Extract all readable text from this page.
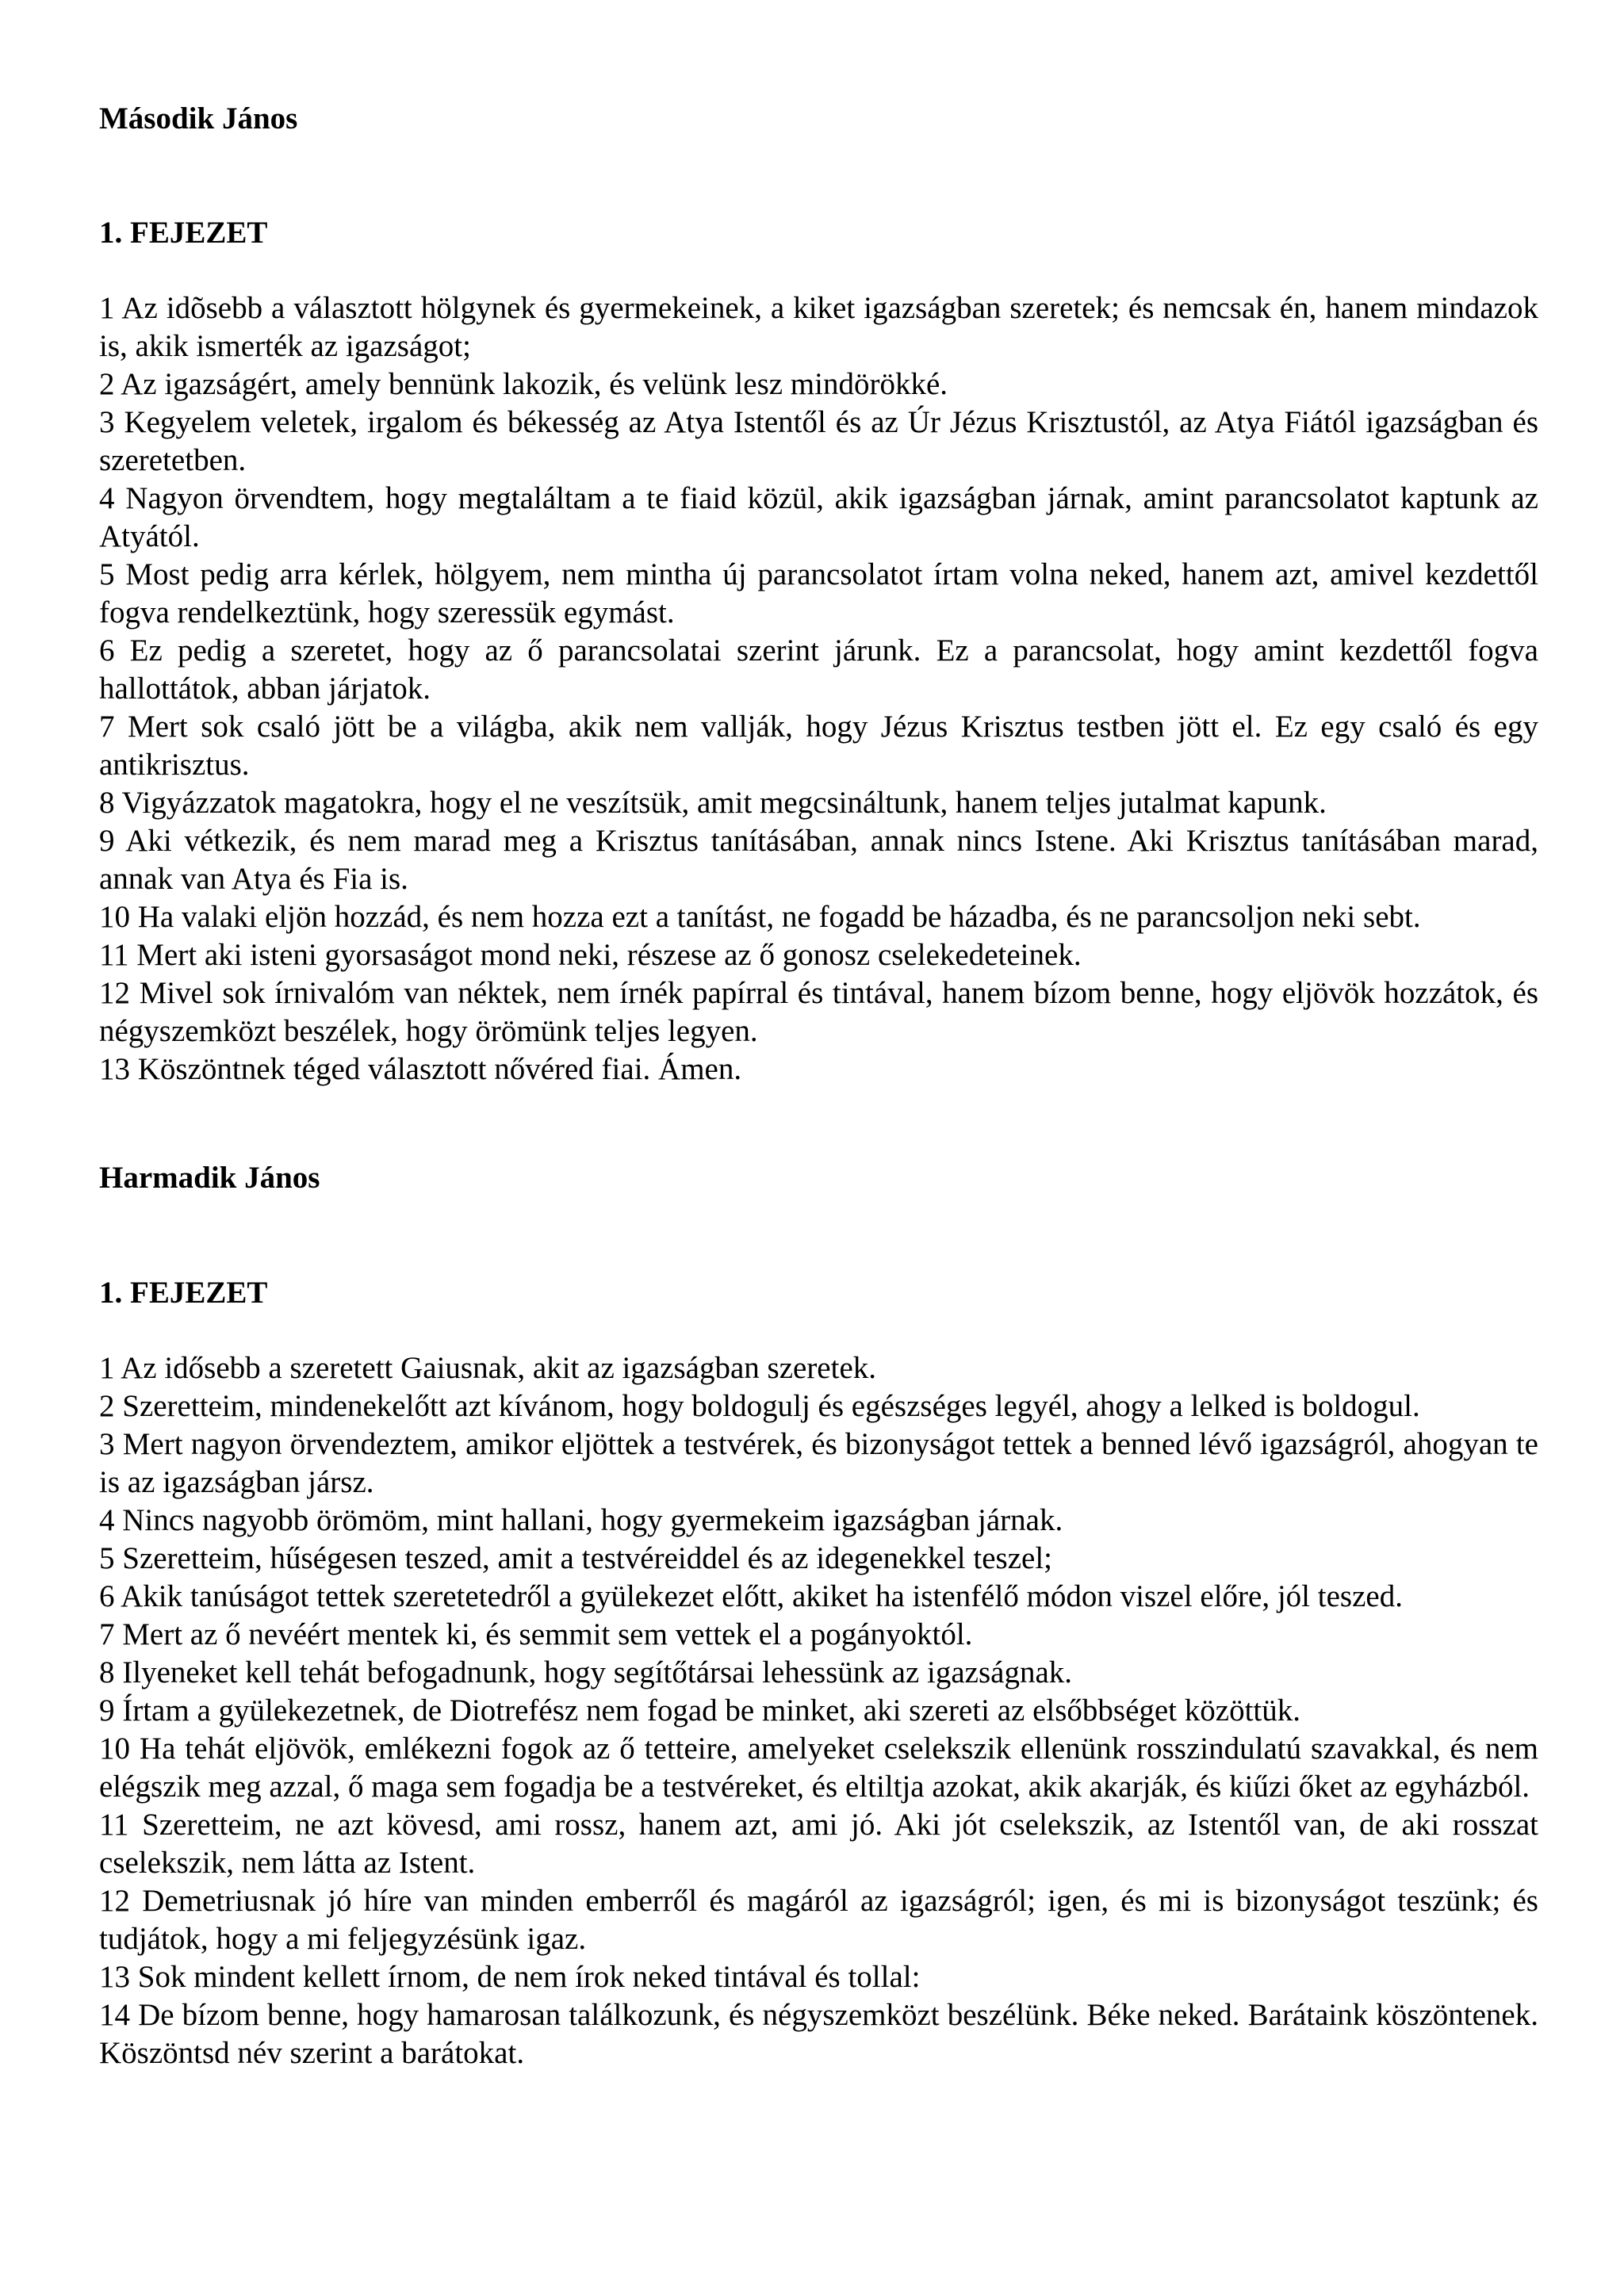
Második János
1. FEJEZET

1 Az idõsebb a választott hölgynek és gyermekeinek, a kiket igazságban szeretek; és nemcsak én, hanem mindazok is, akik ismerték az igazságot;

2 Az igazságért, amely bennünk lakozik, és velünk lesz mindörökké.

3 Kegyelem veletek, irgalom és békesség az Atya Istentől és az Úr Jézus Krisztustól, az Atya Fiától igazságban és szeretetben.

4 Nagyon örvendtem, hogy megtaláltam a te fiaid közül, akik igazságban járnak, amint parancsolatot kaptunk az Atyától.

5 Most pedig arra kérlek, hölgyem, nem mintha új parancsolatot írtam volna neked, hanem azt, amivel kezdettől fogva rendelkeztünk, hogy szeressük egymást.

6 Ez pedig a szeretet, hogy az ő parancsolatai szerint járunk. Ez a parancsolat, hogy amint kezdettől fogva hallottátok, abban járjatok.

7 Mert sok csaló jött be a világba, akik nem vallják, hogy Jézus Krisztus testben jött el. Ez egy csaló és egy antikrisztus.

8 Vigyázzatok magatokra, hogy el ne veszítsük, amit megcsináltunk, hanem teljes jutalmat kapunk.

9 Aki vétkezik, és nem marad meg a Krisztus tanításában, annak nincs Istene. Aki Krisztus tanításában marad, annak van Atya és Fia is.

10 Ha valaki eljön hozzád, és nem hozza ezt a tanítást, ne fogadd be házadba, és ne parancsoljon neki sebt.

11 Mert aki isteni gyorsaságot mond neki, részese az ő gonosz cselekedeteinek.

12 Mivel sok írnivalóm van néktek, nem írnék papírral és tintával, hanem bízom benne, hogy eljövök hozzátok, és négyszemközt beszélek, hogy örömünk teljes legyen.

13 Köszöntnek téged választott nővéred fiai. Ámen.

Harmadik János
1. FEJEZET

1 Az idősebb a szeretett Gaiusnak, akit az igazságban szeretek.

2 Szeretteim, mindenekelőtt azt kívánom, hogy boldogulj és egészséges legyél, ahogy a lelked is boldogul.

3 Mert nagyon örvendeztem, amikor eljöttek a testvérek, és bizonyságot tettek a benned lévő igazságról, ahogyan te is az igazságban jársz.

4 Nincs nagyobb örömöm, mint hallani, hogy gyermekeim igazságban járnak.

5 Szeretteim, hűségesen teszed, amit a testvéreiddel és az idegenekkel teszel;

6 Akik tanúságot tettek szeretetedről a gyülekezet előtt, akiket ha istenfélő módon viszel előre, jól teszed.

7 Mert az ő nevéért mentek ki, és semmit sem vettek el a pogányoktól.

8 Ilyeneket kell tehát befogadnunk, hogy segítőtársai lehessünk az igazságnak.

9 Írtam a gyülekezetnek, de Diotrefész nem fogad be minket, aki szereti az elsőbbséget közöttük.

10 Ha tehát eljövök, emlékezni fogok az ő tetteire, amelyeket cselekszik ellenünk rosszindulatú szavakkal, és nem elégszik meg azzal, ő maga sem fogadja be a testvéreket, és eltiltja azokat, akik akarják, és kiűzi őket az egyházból.

11 Szeretteim, ne azt kövesd, ami rossz, hanem azt, ami jó. Aki jót cselekszik, az Istentől van, de aki rosszat cselekszik, nem látta az Istent.

12 Demetriusnak jó híre van minden emberről és magáról az igazságról; igen, és mi is bizonyságot teszünk; és tudjátok, hogy a mi feljegyzésünk igaz.

13 Sok mindent kellett írnom, de nem írok neked tintával és tollal:

14 De bízom benne, hogy hamarosan találkozunk, és négyszemközt beszélünk. Béke neked. Barátaink köszöntenek. Köszöntsd név szerint a barátokat.
